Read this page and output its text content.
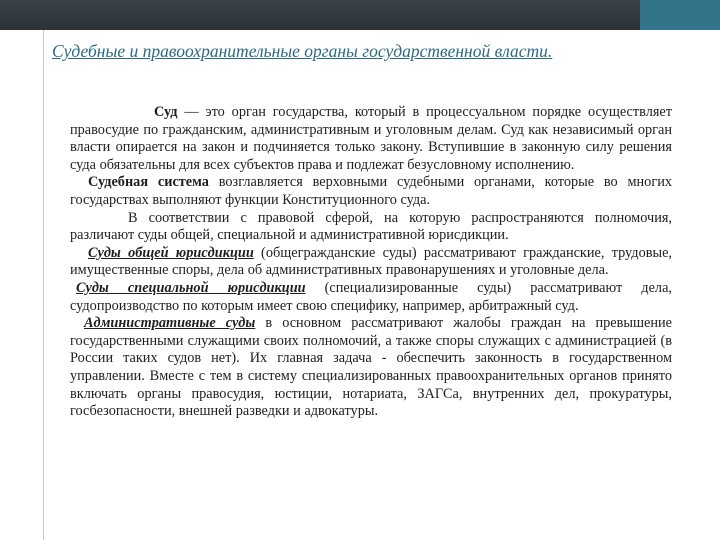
Судебные и правоохранительные органы государственной власти.

Суд — это орган государства, который в процессуальном порядке осуществляет правосудие по гражданским, административным и уголовным делам. Суд как независимый орган власти опирается на закон и подчиняется только закону. Вступившие в законную силу решения суда обязательны для всех субъектов права и подлежат безусловному исполнению.

Судебная система возглавляется верховными судебными органами, которые во многих государствах выполняют функции Конституционного суда.

В соответствии с правовой сферой, на которую распространяются полномочия, различают суды общей, специальной и административной юрисдикции.

Суды общей юрисдикции (общегражданские суды) рассматривают гражданские, трудовые, имущественные споры, дела об административных правонарушениях и уголовные дела.

Суды специальной юрисдикции (специализированные суды) рассматривают дела, судопроизводство по которым имеет свою специфику, например, арбитражный суд.

Административные суды в основном рассматривают жалобы граждан на превышение государственными служащими своих полномочий, а также споры служащих с администрацией (в России таких судов нет). Их главная задача - обеспечить законность в государственном управлении. Вместе с тем в систему специализированных правоохранительных органов принято включать органы правосудия, юстиции, нотариата, ЗАГСа, внутренних дел, прокуратуры, госбезопасности, внешней разведки и адвокатуры.
